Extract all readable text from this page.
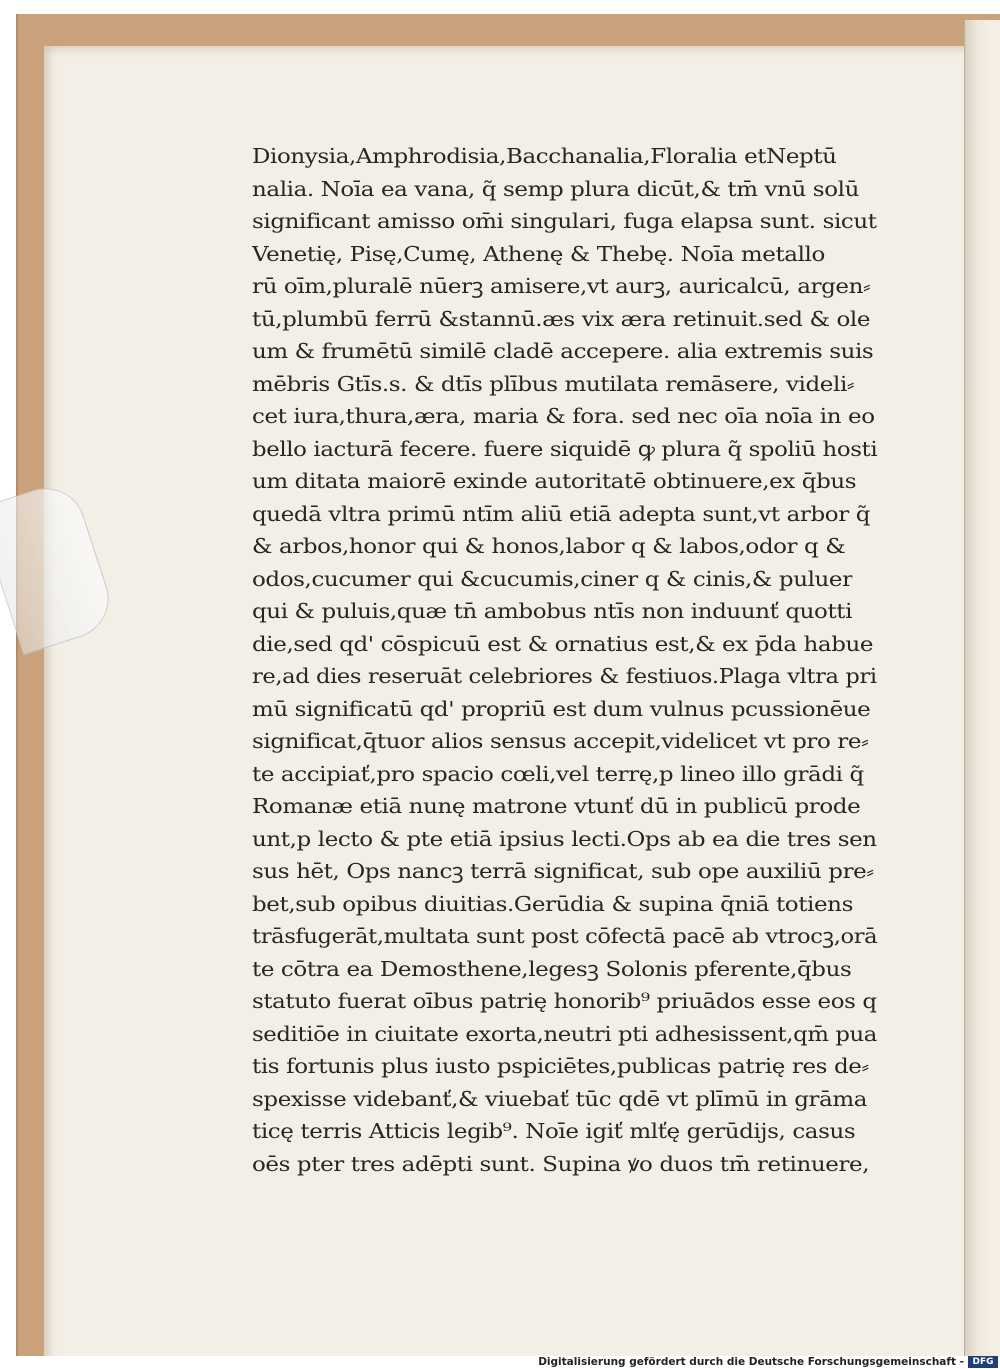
Dionysia,Amphrodisia,Bacchanalia,Floralia etNeptū
nalia. Noīa ea vana, q̃ semp plura dicūt,& tm̄ vnū solū
significant amisso om̄i singulari, fuga elapsa sunt. sicut
Venetię, Pisę,Cumę, Athenę & Thebę. Noīa metallo
rū oīm,pluralē nūerꝫ amisere,vt aurꝫ, auricalcū, argen⸗
tū,plumbū ferrū &stannū.æs vix æra retinuit.sed & ole
um & frumētū similē cladē accepere. alia extremis suis
mēbris Gtīs.s. & dtīs plībus mutilata remāsere, videli⸗
cet iura,thura,æra, maria & fora. sed nec oīa noīa in eo
bello iacturā fecere. fuere siquidē ꝙ plura q̃ spoliū hosti
um ditata maiorē exinde autoritatē obtinuere,ex q̄bus
quedā vltra primū ntīm aliū etiā adepta sunt,vt arbor q̃
& arbos,honor qui & honos,labor q & labos,odor q &
odos,cucumer qui &cucumis,ciner q & cinis,& puluer
qui & puluis,quæ tn̄ ambobus ntīs non induunť quotti
die,sed qd' cōspicuū est & ornatius est,& ex p̄da habue
re,ad dies reseruāt celebriores & festiuos.Plaga vltra pri
mū significatū qd' propriū est dum vulnus pcussionēue
significat,q̄tuor alios sensus accepit,videlicet vt pro re⸗
te accipiať,pro spacio cœli,vel terrę,p lineo illo grādi q̃
Romanæ etiā nunę matrone vtunť dū in publicū prode
unt,p lecto & pte etiā ipsius lecti.Ops ab ea die tres sen
sus hēt, Ops nancꝫ terrā significat, sub ope auxiliū pre⸗
bet,sub opibus diuitias.Gerūdia & supina q̄niā totiens
trāsfugerāt,multata sunt post cōfectā pacē ab vtrocꝫ,orā
te cōtra ea Demosthene,legesꝫ Solonis pferente,q̄bus
statuto fuerat oībus patrię honorib⁹ priuādos esse eos q
seditiōe in ciuitate exorta,neutri pti adhesissent,qm̄ pua
tis fortunis plus iusto pspiciētes,publicas patrię res de⸗
spexisse videbanť,& viuebať tūc qdē vt plīmū in grāma
ticę terris Atticis legib⁹. Noīe igiť mlťę gerūdijs, casus
oēs pter tres adēpti sunt. Supina ꝟo duos tm̄ retinuere,
Digitalisierung gefördert durch die Deutsche Forschungsgemeinschaft - DFG
